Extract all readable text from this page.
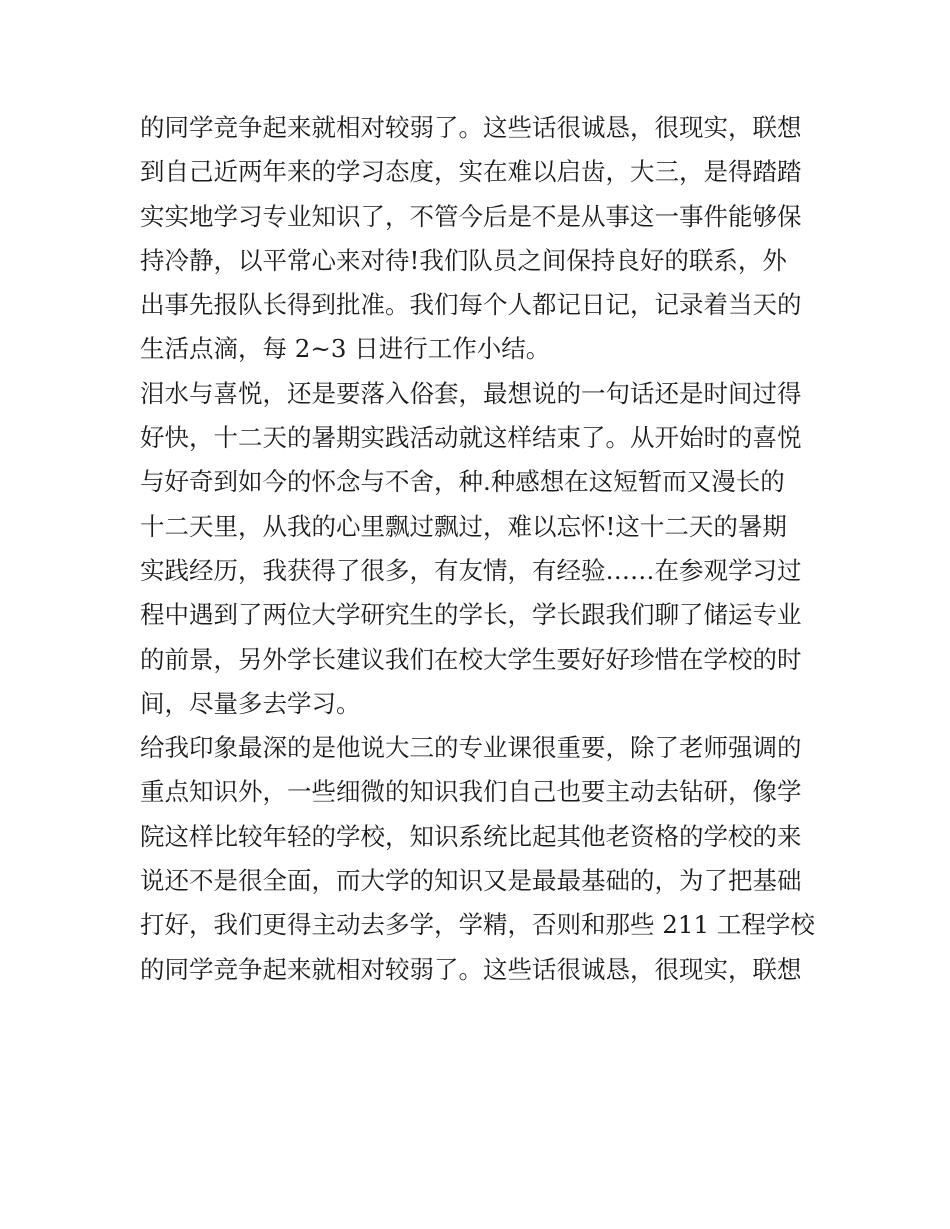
的同学竞争起来就相对较弱了。这些话很诚恳，很现实，联想
到自己近两年来的学习态度，实在难以启齿，大三，是得踏踏
实实地学习专业知识了，不管今后是不是从事这一事件能够保
持冷静，以平常心来对待!我们队员之间保持良好的联系，外
出事先报队长得到批准。我们每个人都记日记，记录着当天的
生活点滴，每 2~3 日进行工作小结。
泪水与喜悦，还是要落入俗套，最想说的一句话还是时间过得
好快，十二天的暑期实践活动就这样结束了。从开始时的喜悦
与好奇到如今的怀念与不舍，种.种感想在这短暂而又漫长的
十二天里，从我的心里飘过飘过，难以忘怀!这十二天的暑期
实践经历，我获得了很多，有友情，有经验……在参观学习过
程中遇到了两位大学研究生的学长，学长跟我们聊了储运专业
的前景，另外学长建议我们在校大学生要好好珍惜在学校的时
间，尽量多去学习。
给我印象最深的是他说大三的专业课很重要，除了老师强调的
重点知识外，一些细微的知识我们自己也要主动去钻研，像学
院这样比较年轻的学校，知识系统比起其他老资格的学校的来
说还不是很全面，而大学的知识又是最最基础的，为了把基础
打好，我们更得主动去多学，学精，否则和那些 211 工程学校
的同学竞争起来就相对较弱了。这些话很诚恳，很现实，联想
